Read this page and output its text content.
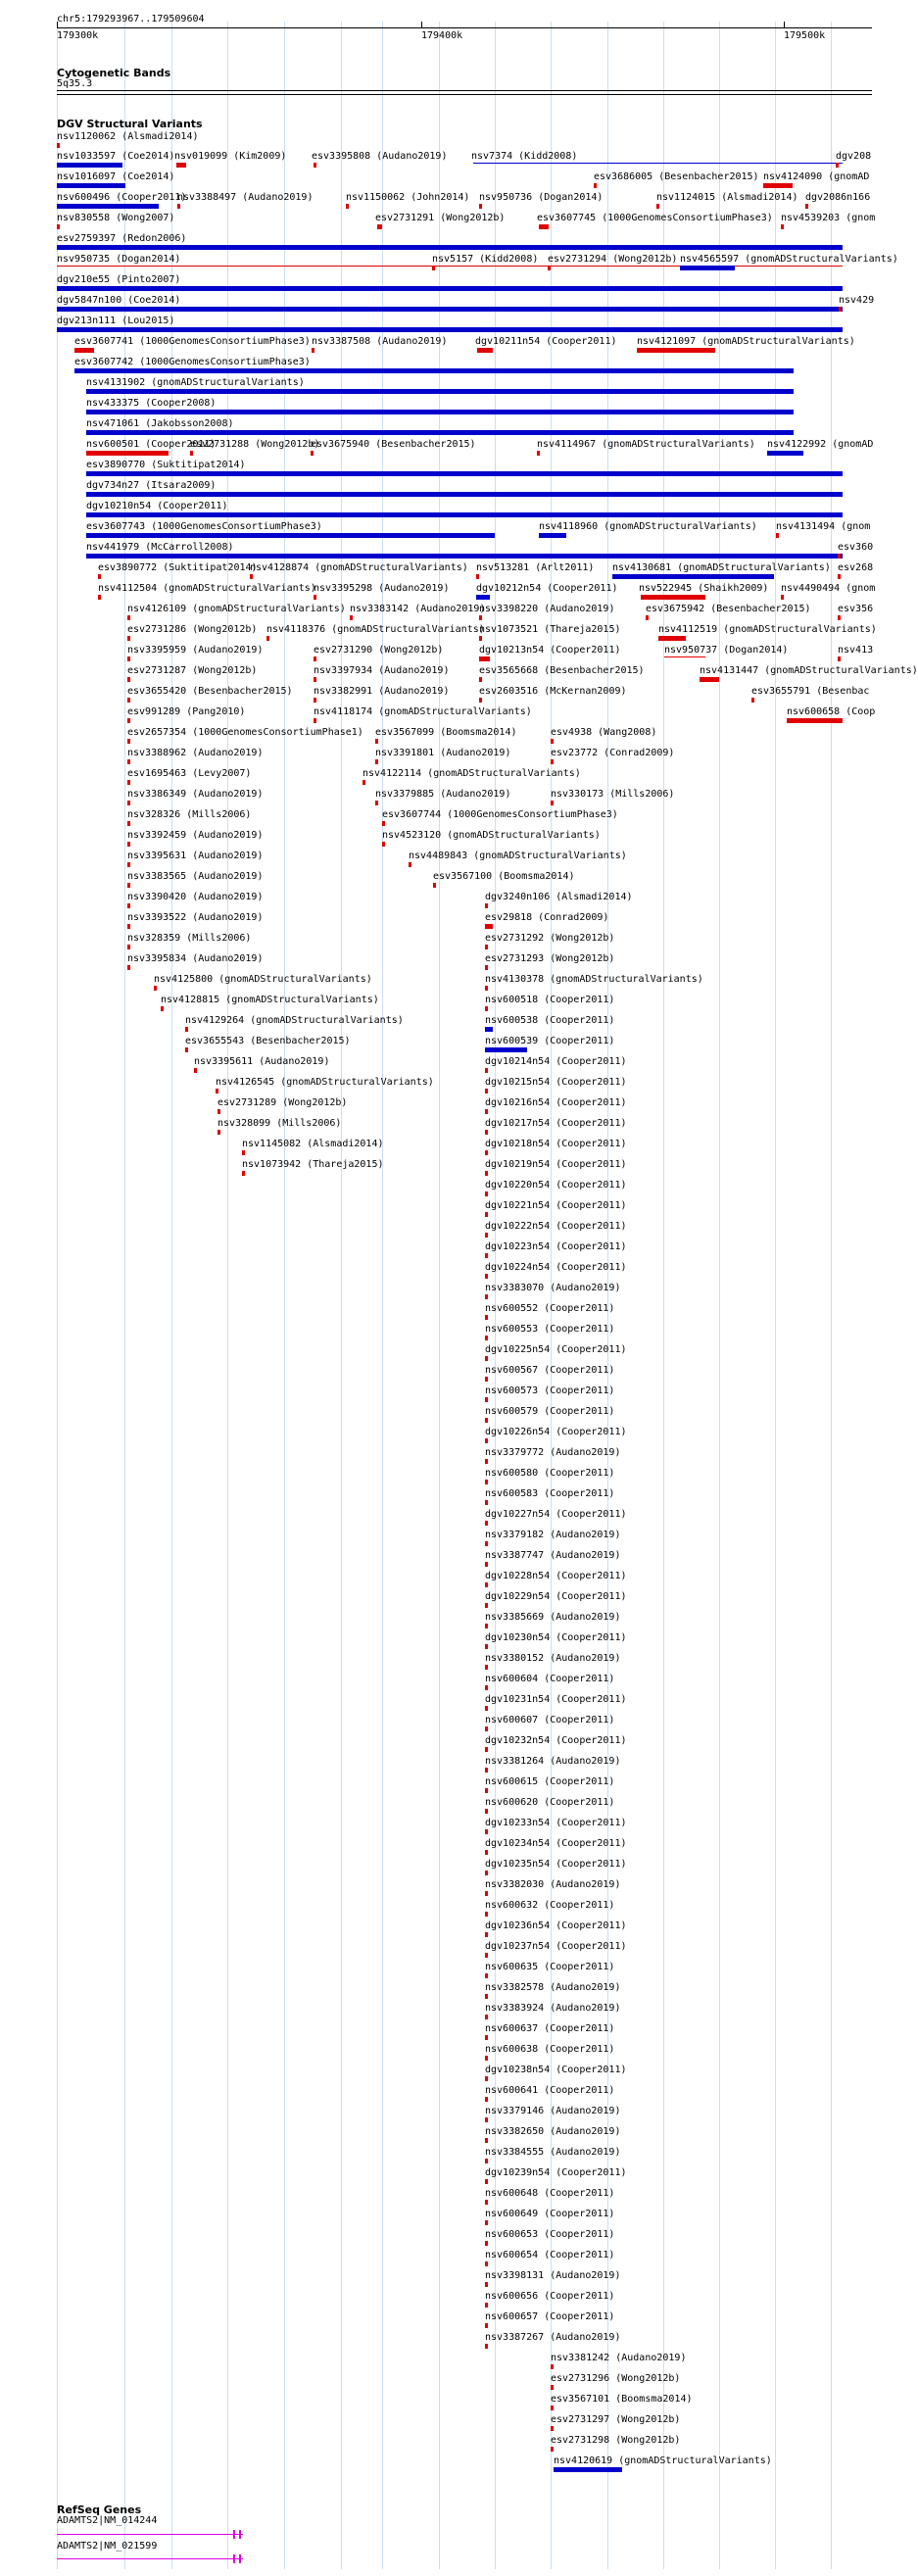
chr5:179293967..179509604
179300k	179400k	179500k
Cytogenetic Bands
5q35.3
DGV Structural Variants
nsv1120062 (Alsmadi2014)
nsv1033597 (Coe2014) nsv019099 (Kim2009)	esv3395808 (Audano2019) nsv7374 (Kidd2008)	dgv208
nsv1016097 (Coe2014)	esv3686005 (Besenbacher2015) nsv4124090 (gnomAD
nsv600496 (Cooper2011)
nsv3388497 (Audano2019)	nsv1150062 (John2014) nsv950736 (Dogan2014)	nsv1124015 (Alsmadi2014) dgv2086n166
nsv830558 (Wong2007)	esv2731291 (Wong2012b)	esv3607745 (1000GenomesConsortiumPhase3) nsv4539203 (gnom
esv2759397 (Redon2006)
nsv950735 (Dogan2014)	nsv5157 (Kidd2008) esv2731294 (Wong2012b) nsv4565597 (gnomADStructuralVariants)
dgv210e55 (Pinto2007)
dgv5847n100 (Coe2014)	nsv429
dgv213n111 (Lou2015)
esv3607741 (1000GenomesConsortiumPhase3) nsv3387508 (Audano2019)	dgv10211n54 (Cooper2011) nsv4121097 (gnomADStructuralVariants)
esv3607742 (1000GenomesConsortiumPhase3)
nsv4131902 (gnomADStructuralVariants)
nsv433375 (Cooper2008)
nsv471061 (Jakobsson2008)
nsv600501 (Cooper2011)
esv2731288 (Wong2012b)
esv3675940 (Besenbacher2015)	nsv4114967 (gnomADStructuralVariants) nsv4122992 (gnomAD
esv3890770 (Suktitipat2014)
dgv734n27 (Itsara2009)
dgv10210n54 (Cooper2011)
esv3607743 (1000GenomesConsortiumPhase3)	nsv4118960 (gnomADStructuralVariants) nsv4131494 (gnom
nsv441979 (McCarroll2008)	esv360
esv3890772 (Suktitipat2014)
nsv4128874 (gnomADStructuralVariants) nsv513281 (Arlt2011) nsv4130681 (gnomADStructuralVariants) esv268
nsv4112504 (gnomADStructuralVariants)
nsv3395298 (Audano2019)	dgv10212n54 (Cooper2011) nsv522945 (Shaikh2009) nsv4490494 (gnom
nsv4126109 (gnomADStructuralVariants) nsv3383142 (Audano2019)
nsv3398220 (Audano2019)	esv3675942 (Besenbacher2015)	esv356
esv2731286 (Wong2012b) nsv4118376 (gnomADStructuralVariants)
nsv1073521 (Thareja2015)	nsv4112519 (gnomADStructuralVariants)
nsv3395959 (Audano2019)	esv2731290 (Wong2012b)	dgv10213n54 (Cooper2011)	nsv950737 (Dogan2014)	nsv413
esv2731287 (Wong2012b)	nsv3397934 (Audano2019)	esv3565668 (Besenbacher2015)	nsv4131447 (gnomADStructuralVariants)
esv3655420 (Besenbacher2015) nsv3382991 (Audano2019)	esv2603516 (McKernan2009)	esv3655791 (Besenbac
esv991289 (Pang2010)	nsv4118174 (gnomADStructuralVariants)	nsv600658 (Coop
esv2657354 (1000GenomesConsortiumPhase1) esv3567099 (Boomsma2014)	esv4938 (Wang2008)
nsv3388962 (Audano2019)	nsv3391801 (Audano2019)	esv23772 (Conrad2009)
esv1695463 (Levy2007)	nsv4122114 (gnomADStructuralVariants)
nsv3386349 (Audano2019)	nsv3379885 (Audano2019)	nsv330173 (Mills2006)
nsv328326 (Mills2006)	esv3607744 (1000GenomesConsortiumPhase3)
nsv3392459 (Audano2019)	nsv4523120 (gnomADStructuralVariants)
nsv3395631 (Audano2019)	nsv4489843 (gnomADStructuralVariants)
nsv3383565 (Audano2019)	esv3567100 (Boomsma2014)
nsv3390420 (Audano2019)	dgv3240n106 (Alsmadi2014)
nsv3393522 (Audano2019)	esv29818 (Conrad2009)
nsv328359 (Mills2006)	esv2731292 (Wong2012b)
nsv3395834 (Audano2019)	esv2731293 (Wong2012b)
nsv4125800 (gnomADStructuralVariants)	nsv4130378 (gnomADStructuralVariants)
nsv4128815 (gnomADStructuralVariants)	nsv600518 (Cooper2011)
nsv4129264 (gnomADStructuralVariants)	nsv600538 (Cooper2011)
esv3655543 (Besenbacher2015)	nsv600539 (Cooper2011)
nsv3395611 (Audano2019)	dgv10214n54 (Cooper2011)
nsv4126545 (gnomADStructuralVariants)	dgv10215n54 (Cooper2011)
esv2731289 (Wong2012b)	dgv10216n54 (Cooper2011)
nsv328099 (Mills2006)	dgv10217n54 (Cooper2011)
nsv1145082 (Alsmadi2014)	dgv10218n54 (Cooper2011)
nsv1073942 (Thareja2015)	dgv10219n54 (Cooper2011)
dgv10220n54 (Cooper2011)
dgv10221n54 (Cooper2011)
dgv10222n54 (Cooper2011)
dgv10223n54 (Cooper2011)
dgv10224n54 (Cooper2011)
nsv3383070 (Audano2019)
nsv600552 (Cooper2011)
nsv600553 (Cooper2011)
dgv10225n54 (Cooper2011)
nsv600567 (Cooper2011)
nsv600573 (Cooper2011)
nsv600579 (Cooper2011)
dgv10226n54 (Cooper2011)
nsv3379772 (Audano2019)
nsv600580 (Cooper2011)
nsv600583 (Cooper2011)
dgv10227n54 (Cooper2011)
nsv3379182 (Audano2019)
nsv3387747 (Audano2019)
dgv10228n54 (Cooper2011)
dgv10229n54 (Cooper2011)
nsv3385669 (Audano2019)
dgv10230n54 (Cooper2011)
nsv3380152 (Audano2019)
nsv600604 (Cooper2011)
dgv10231n54 (Cooper2011)
nsv600607 (Cooper2011)
dgv10232n54 (Cooper2011)
nsv3381264 (Audano2019)
nsv600615 (Cooper2011)
nsv600620 (Cooper2011)
dgv10233n54 (Cooper2011)
dgv10234n54 (Cooper2011)
dgv10235n54 (Cooper2011)
nsv3382030 (Audano2019)
nsv600632 (Cooper2011)
dgv10236n54 (Cooper2011)
dgv10237n54 (Cooper2011)
nsv600635 (Cooper2011)
nsv3382578 (Audano2019)
nsv3383924 (Audano2019)
nsv600637 (Cooper2011)
nsv600638 (Cooper2011)
dgv10238n54 (Cooper2011)
nsv600641 (Cooper2011)
nsv3379146 (Audano2019)
nsv3382650 (Audano2019)
nsv3384555 (Audano2019)
dgv10239n54 (Cooper2011)
nsv600648 (Cooper2011)
nsv600649 (Cooper2011)
nsv600653 (Cooper2011)
nsv600654 (Cooper2011)
nsv3398131 (Audano2019)
nsv600656 (Cooper2011)
nsv600657 (Cooper2011)
nsv3387267 (Audano2019)
nsv3381242 (Audano2019)
esv2731296 (Wong2012b)
esv3567101 (Boomsma2014)
esv2731297 (Wong2012b)
esv2731298 (Wong2012b)
nsv4120619 (gnomADStructuralVariants)
RefSeq Genes
ADAMTS2|NM_014244
ADAMTS2|NM_021599
